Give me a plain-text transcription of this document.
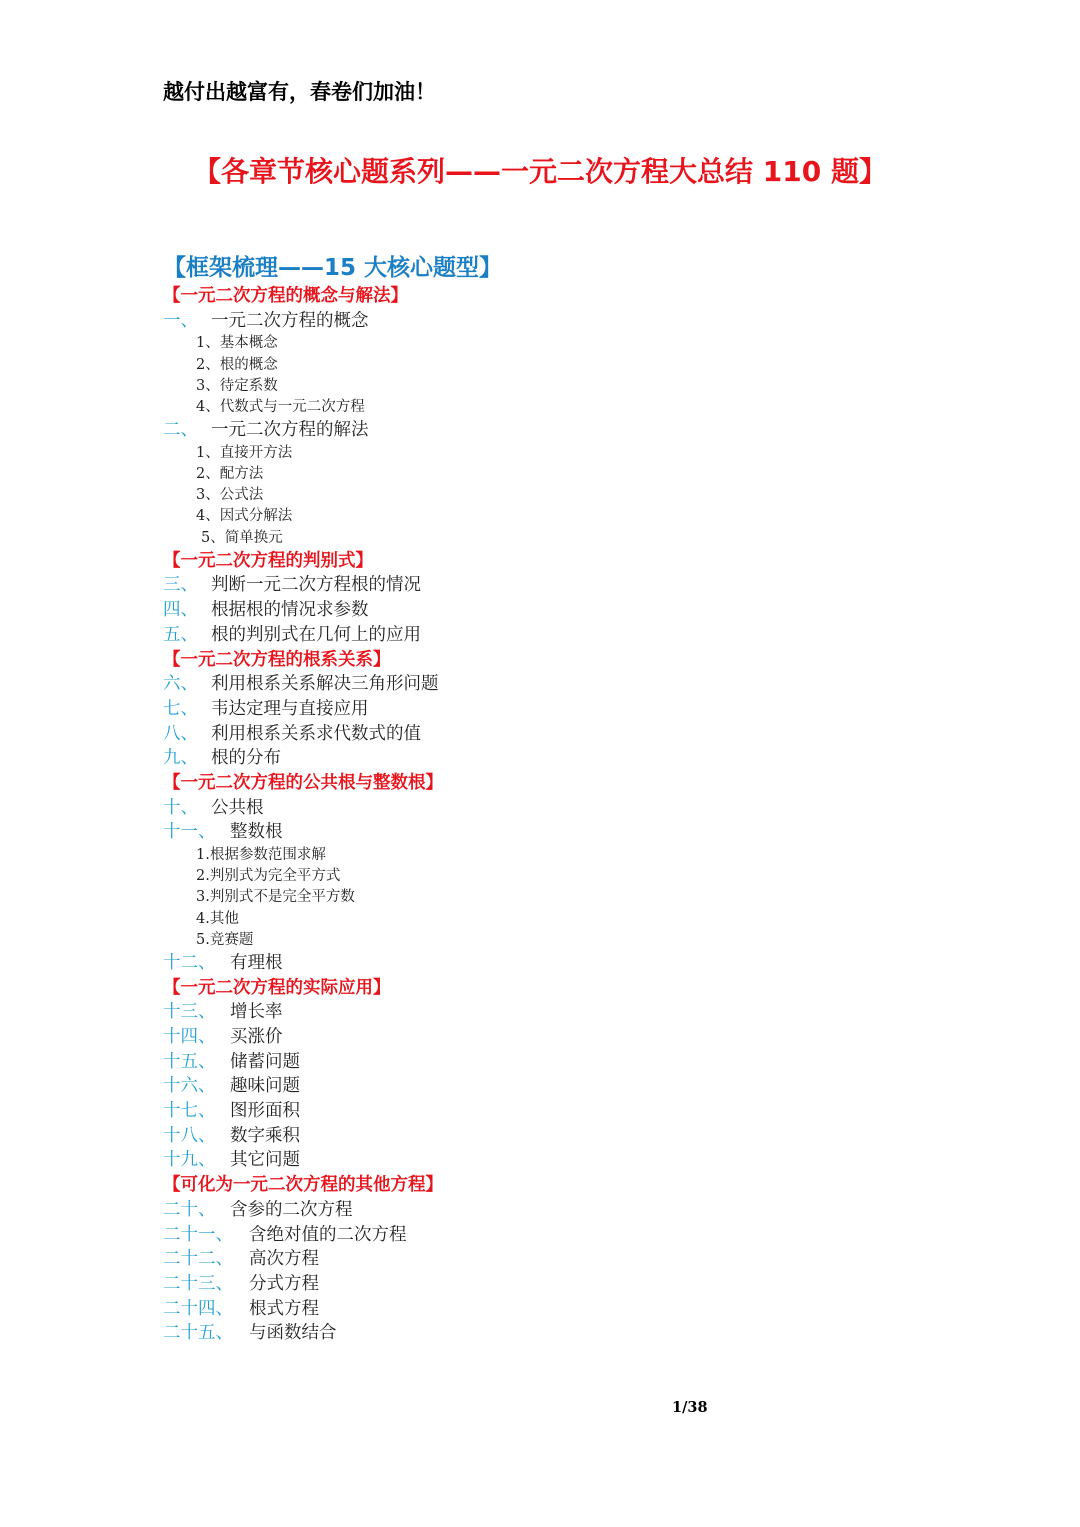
越付出越富有，春卷们加油！
【各章节核心题系列——一元二次方程大总结 110 题】
【框架梳理——15 大核心题型】
【一元二次方程的概念与解法】
一、 一元二次方程的概念
1、基本概念
2、根的概念
3、待定系数
4、代数式与一元二次方程
二、 一元二次方程的解法
1、直接开方法
2、配方法
3、公式法
4、因式分解法
5、简单换元
【一元二次方程的判别式】
三、 判断一元二次方程根的情况
四、 根据根的情况求参数
五、 根的判别式在几何上的应用
【一元二次方程的根系关系】
六、 利用根系关系解决三角形问题
七、 韦达定理与直接应用
八、 利用根系关系求代数式的值
九、 根的分布
【一元二次方程的公共根与整数根】
十、 公共根
十一、 整数根
1.根据参数范围求解
2.判别式为完全平方式
3.判别式不是完全平方数
4.其他
5.竞赛题
十二、 有理根
【一元二次方程的实际应用】
十三、 增长率
十四、 买涨价
十五、 储蓄问题
十六、 趣味问题
十七、 图形面积
十八、 数字乘积
十九、 其它问题
【可化为一元二次方程的其他方程】
二十、 含参的二次方程
二十一、 含绝对值的二次方程
二十二、 高次方程
二十三、 分式方程
二十四、 根式方程
二十五、 与函数结合
1/38
